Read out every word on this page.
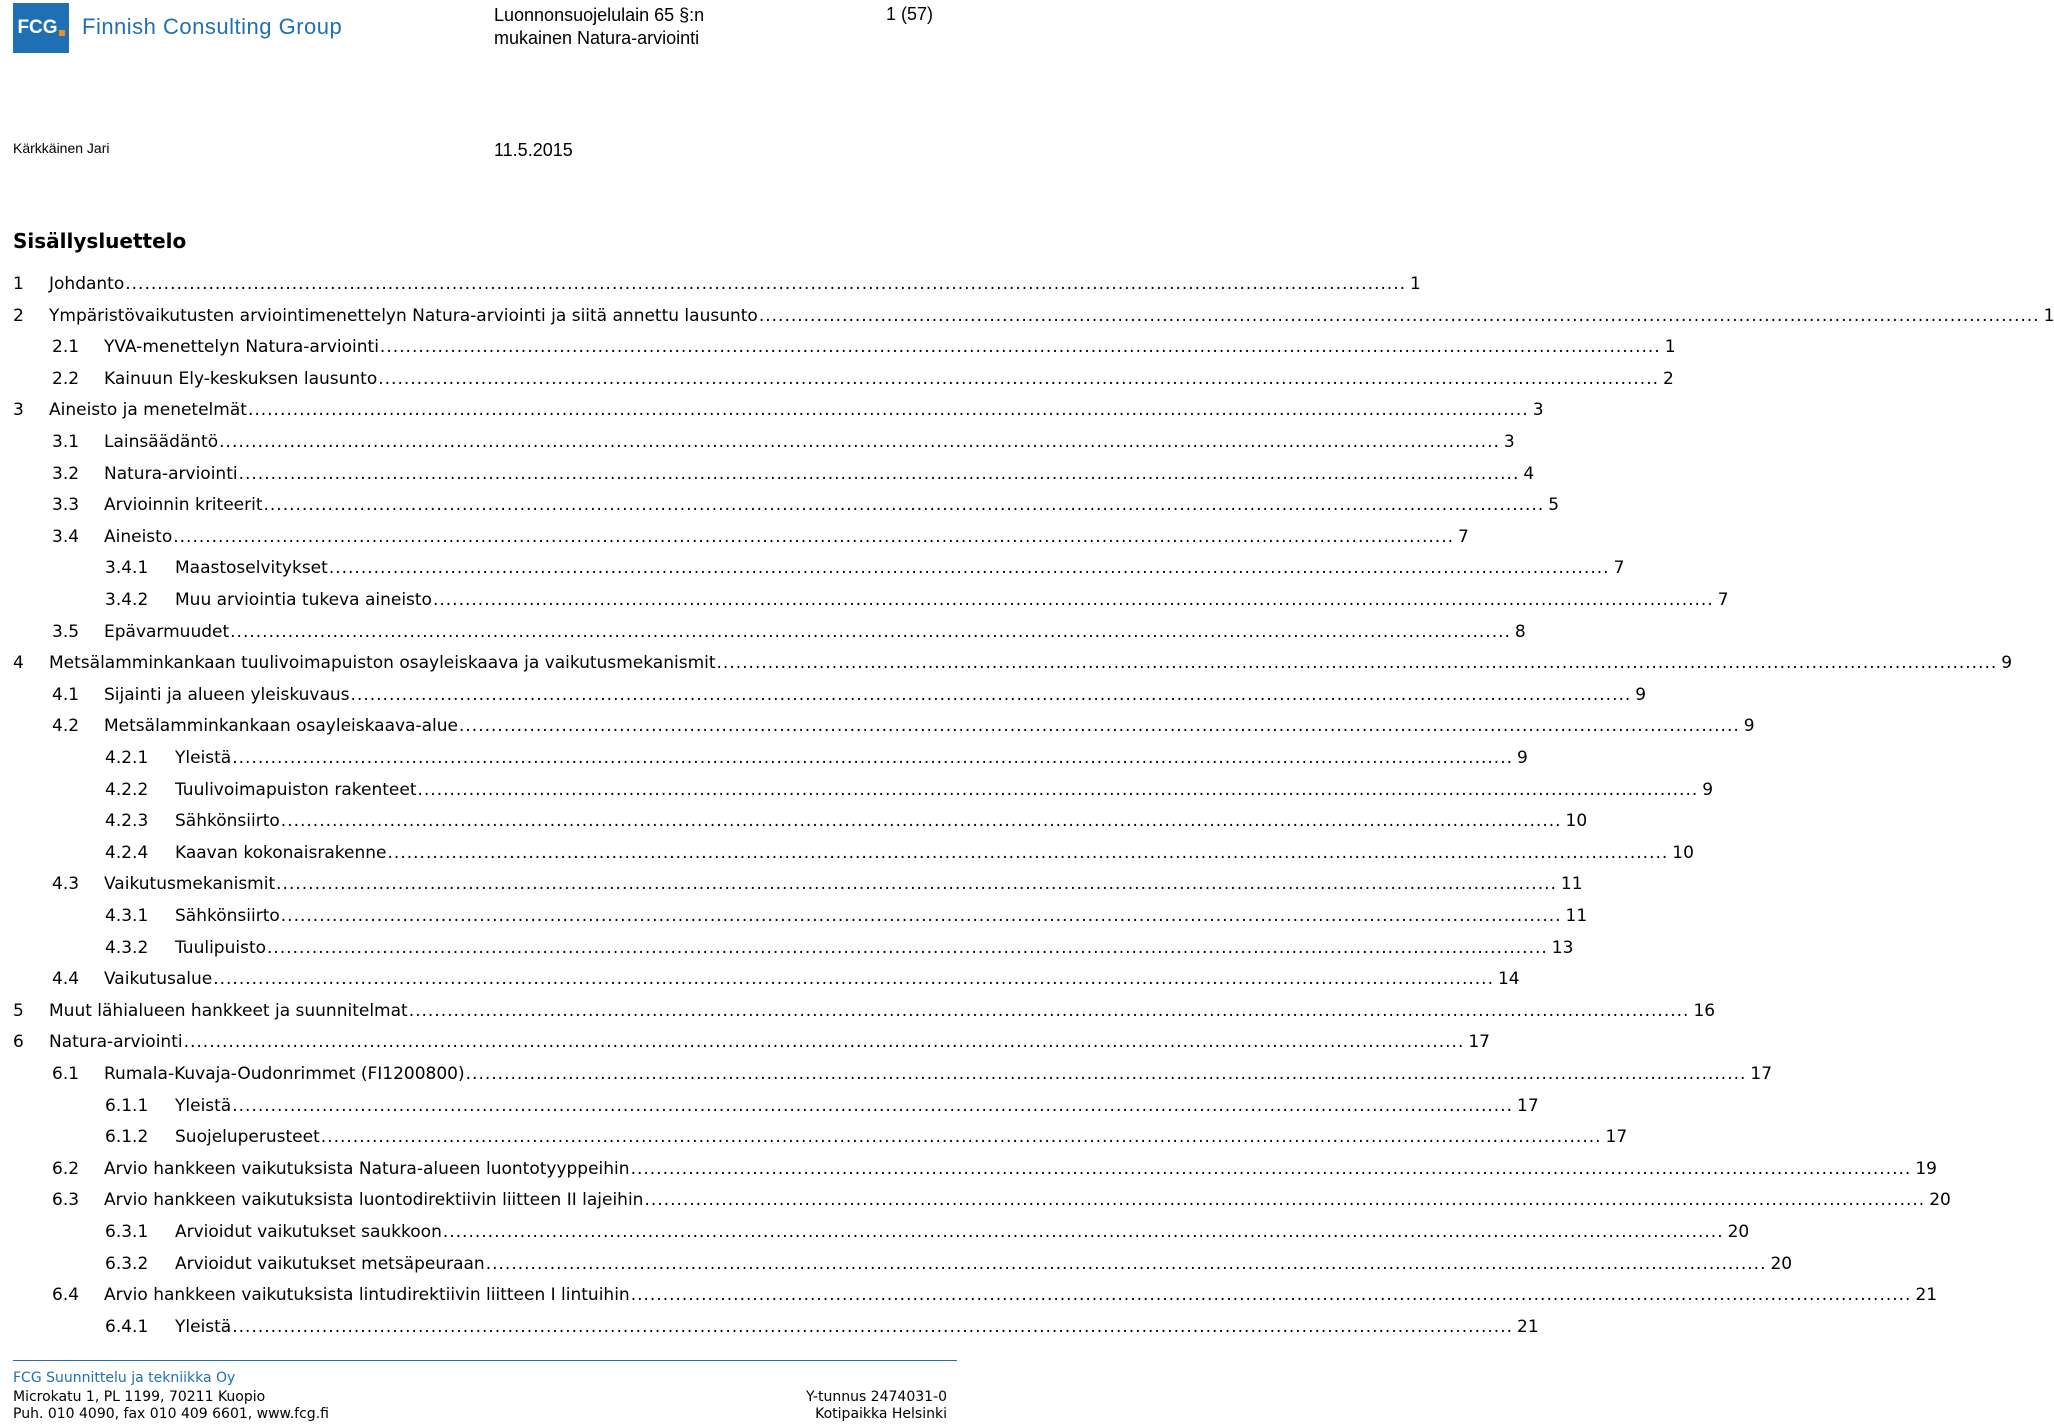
FCG Finnish Consulting Group	Luonnonsuojelulain 65 §:n mukainen Natura-arviointi
1 (57)
Kärkkäinen Jari	11.5.2015
Sisällysluettelo
1	Johdanto ........................................................................................................................................................................................................ 1
2	Ympäristövaikutusten arviointimenettelyn Natura-arviointi ja siitä annettu lausunto ........................................................................................................................................................................................................ 1
2.1	YVA-menettelyn Natura-arviointi ........................................................................................................................................................................................................ 1
2.2	Kainuun Ely-keskuksen lausunto ........................................................................................................................................................................................................ 2
3	Aineisto ja menetelmät ........................................................................................................................................................................................................ 3
3.1	Lainsäädäntö ........................................................................................................................................................................................................ 3
3.2	Natura-arviointi ........................................................................................................................................................................................................ 4
3.3	Arvioinnin kriteerit ........................................................................................................................................................................................................ 5
3.4	Aineisto ........................................................................................................................................................................................................ 7
3.4.1	Maastoselvitykset ........................................................................................................................................................................................................ 7
3.4.2	Muu arviointia tukeva aineisto ........................................................................................................................................................................................................ 7
3.5	Epävarmuudet ........................................................................................................................................................................................................ 8
4	Metsälamminkankaan tuulivoimapuiston osayleiskaava ja vaikutusmekanismit ........................................................................................................................................................................................................ 9
4.1	Sijainti ja alueen yleiskuvaus ........................................................................................................................................................................................................ 9
4.2	Metsälamminkankaan osayleiskaava-alue ........................................................................................................................................................................................................ 9
4.2.1	Yleistä ........................................................................................................................................................................................................ 9
4.2.2	Tuulivoimapuiston rakenteet ........................................................................................................................................................................................................ 9
4.2.3	Sähkönsiirto ........................................................................................................................................................................................................ 10
4.2.4	Kaavan kokonaisrakenne ........................................................................................................................................................................................................ 10
4.3	Vaikutusmekanismit ........................................................................................................................................................................................................ 11
4.3.1	Sähkönsiirto ........................................................................................................................................................................................................ 11
4.3.2	Tuulipuisto ........................................................................................................................................................................................................ 13
4.4	Vaikutusalue ........................................................................................................................................................................................................ 14
5	Muut lähialueen hankkeet ja suunnitelmat ........................................................................................................................................................................................................ 16
6	Natura-arviointi ........................................................................................................................................................................................................ 17
6.1	Rumala-Kuvaja-Oudonrimmet (FI1200800) ........................................................................................................................................................................................................ 17
6.1.1	Yleistä ........................................................................................................................................................................................................ 17
6.1.2	Suojeluperusteet ........................................................................................................................................................................................................ 17
6.2	Arvio hankkeen vaikutuksista Natura-alueen luontotyyppeihin ........................................................................................................................................................................................................ 19
6.3	Arvio hankkeen vaikutuksista luontodirektiivin liitteen II lajeihin ........................................................................................................................................................................................................ 20
6.3.1	Arvioidut vaikutukset saukkoon ........................................................................................................................................................................................................ 20
6.3.2	Arvioidut vaikutukset metsäpeuraan ........................................................................................................................................................................................................ 20
6.4	Arvio hankkeen vaikutuksista lintudirektiivin liitteen I lintuihin ........................................................................................................................................................................................................ 21
6.4.1	Yleistä ........................................................................................................................................................................................................ 21
FCG Suunnittelu ja tekniikka Oy
Microkatu 1, PL 1199, 70211 Kuopio
Puh. 010 4090, fax 010 409 6601, www.fcg.fi
Y-tunnus 2474031-0
Kotipaikka Helsinki
